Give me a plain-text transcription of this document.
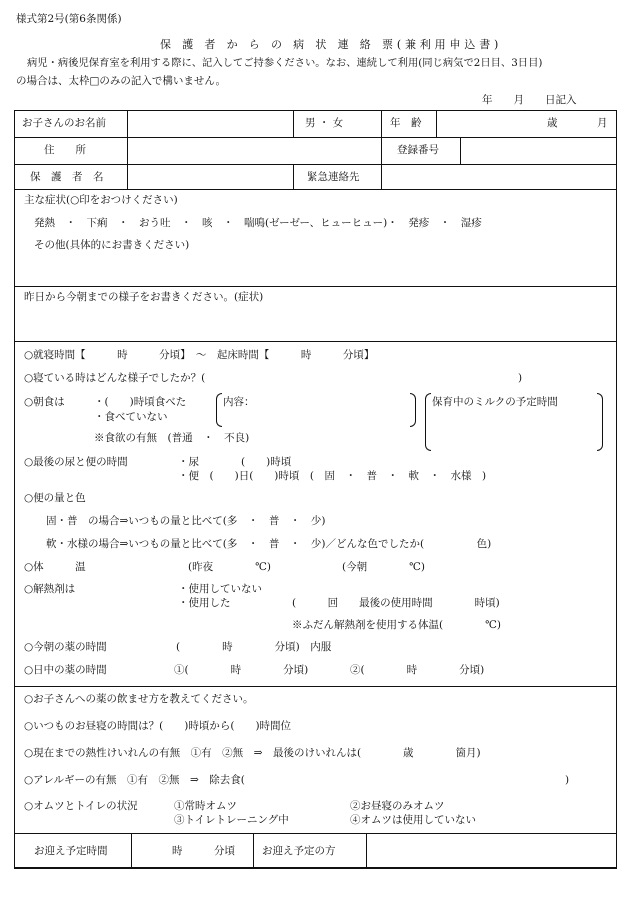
様式第2号(第6条関係)
保 護 者 か ら の 病 状 連 絡 票(兼利用申込書)
病児・病後児保育室を利用する際に、記入してご持参ください。なお、連続して利用(同じ病気で2日目、3日目)
の場合は、太枠□のみの記入で構いません。
年　　月　　日記入
お子さんのお名前	男 ・ 女	年　齢	歳	月
住　　所	登録番号
保　護　者　名	緊急連絡先
主な症状(○印をおつけください)
発熱　・　下痢　・　おう吐　・　咳　・　喘鳴(ゼーゼー、ヒューヒュー)・　発疹　・　湿疹
その他(具体的にお書きください)
昨日から今朝までの様子をお書きください。(症状)
○就寝時間【　　　時　　　分頃】　～　起床時間【　　　時　　　分頃】
○寝ている時はどんな様子でしたか？(	)
○朝食は	・(　　)時頃食べた
・食べていない
内容：	保育中のミルクの予定時間
※食欲の有無　(普通　・　不良)
○最後の尿と便の時間	・尿　　　　(　　)時頃
・便　(　　)日(　　)時頃　(　固　・　普　・　軟　・　水様　)
○便の量と色
固・普　の場合⇒いつもの量と比べて(多　・　普　・　少)
軟・水様の場合⇒いつもの量と比べて(多　・　普　・　少)／どんな色でしたか(　　　　　色)
○体　　　温	(昨夜　　　　℃)	(今朝　　　　℃)
○解熱剤は	・使用していない
・使用した	(　　　回　　最後の使用時間　　　　時頃)
※ふだん解熱剤を使用する体温(　　　　℃)
○今朝の薬の時間	(　　　　時　　　　分頃)　内服
○日中の薬の時間	①(　　　　時　　　　分頃)	②(　　　　時　　　　分頃)
○お子さんへの薬の飲ませ方を教えてください。
○いつものお昼寝の時間は？(　　)時頃から(　　)時間位
○現在までの熱性けいれんの有無　①有　②無　⇒　最後のけいれんは(　　　　歳　　　　箇月)
○アレルギーの有無　①有　②無　⇒　除去食(	)
○オムツとトイレの状況	①常時オムツ	②お昼寝のみオムツ
③トイレトレーニング中	④オムツは使用していない
お迎え予定時間	時　　　分頃	お迎え予定の方
